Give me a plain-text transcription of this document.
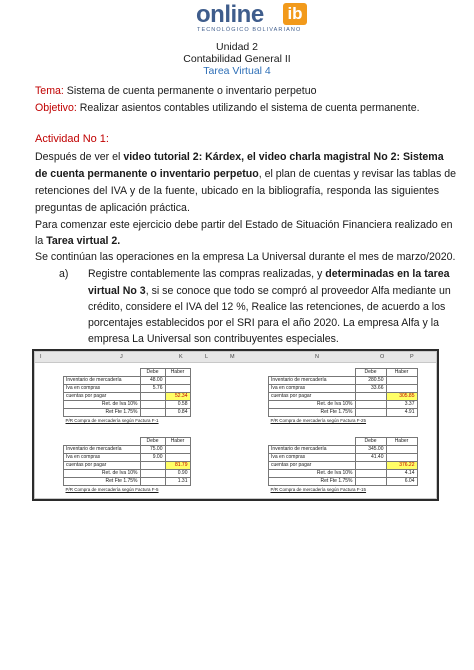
online ib
TECNOLÓGICO BOLIVARIANO
Unidad 2
Contabilidad General II
Tarea Virtual 4
Tema: Sistema de cuenta permanente o inventario perpetuo
Objetivo: Realizar asientos contables utilizando el sistema de cuenta permanente.
Actividad No 1:
Después de ver el video tutorial 2: Kárdex, el video charla magistral No 2: Sistema
de cuenta permanente o inventario perpetuo, el plan de cuentas y revisar las tablas de
retenciones del IVA y de la fuente, ubicado en la bibliografía, responda las siguientes
preguntas de aplicación práctica.
Para comenzar este ejercicio debe partir del Estado de Situación Financiera realizado en
la Tarea virtual 2.
Se continúan las operaciones en la empresa La Universal durante el mes de marzo/2020.
a) Registre contablemente las compras realizadas, y determinadas en la tarea
virtual No 3, si se conoce que todo se compró al proveedor Alfa mediante un
crédito, considere el IVA del 12 %, Realice las retenciones, de acuerdo a los
porcentajes establecidos por el SRI para el año 2020. La empresa Alfa y la
empresa La Universal son contribuyentes especiales.
I	J	K	L	M	N	O	P
	Debe	Haber
Inventario de mercadería	48.00	
Iva en compras	5.76	
cuentas por pagar		52.34
Ret. de Iva 10%		0.58
Ret Fte 1.75%		0.84
P/R Compra de mercadería según Factura F-1		
	Debe	Haber
Inventario de mercadería	280.50	
Iva en compras	33.66	
cuentas por pagar		305.85
Ret. de Iva 10%		3.37
Ret Fte 1.75%		4.91
P/R Compra de mercadería según Factura F-25		
	Debe	Haber
Inventario de mercadería	75.00	
Iva en compras	9.00	
cuentas por pagar		81.79
Ret. de Iva 10%		0.90
Ret Fte 1.75%		1.31
P/R Compra de mercadería según Factura F-5		
	Debe	Haber
Inventario de mercadería	345.00	
Iva en compras	41.40	
cuentas por pagar		376.22
Ret. de Iva 10%		4.14
Ret Fte 1.75%		6.04
P/R Compra de mercadería según Factura F-15		
